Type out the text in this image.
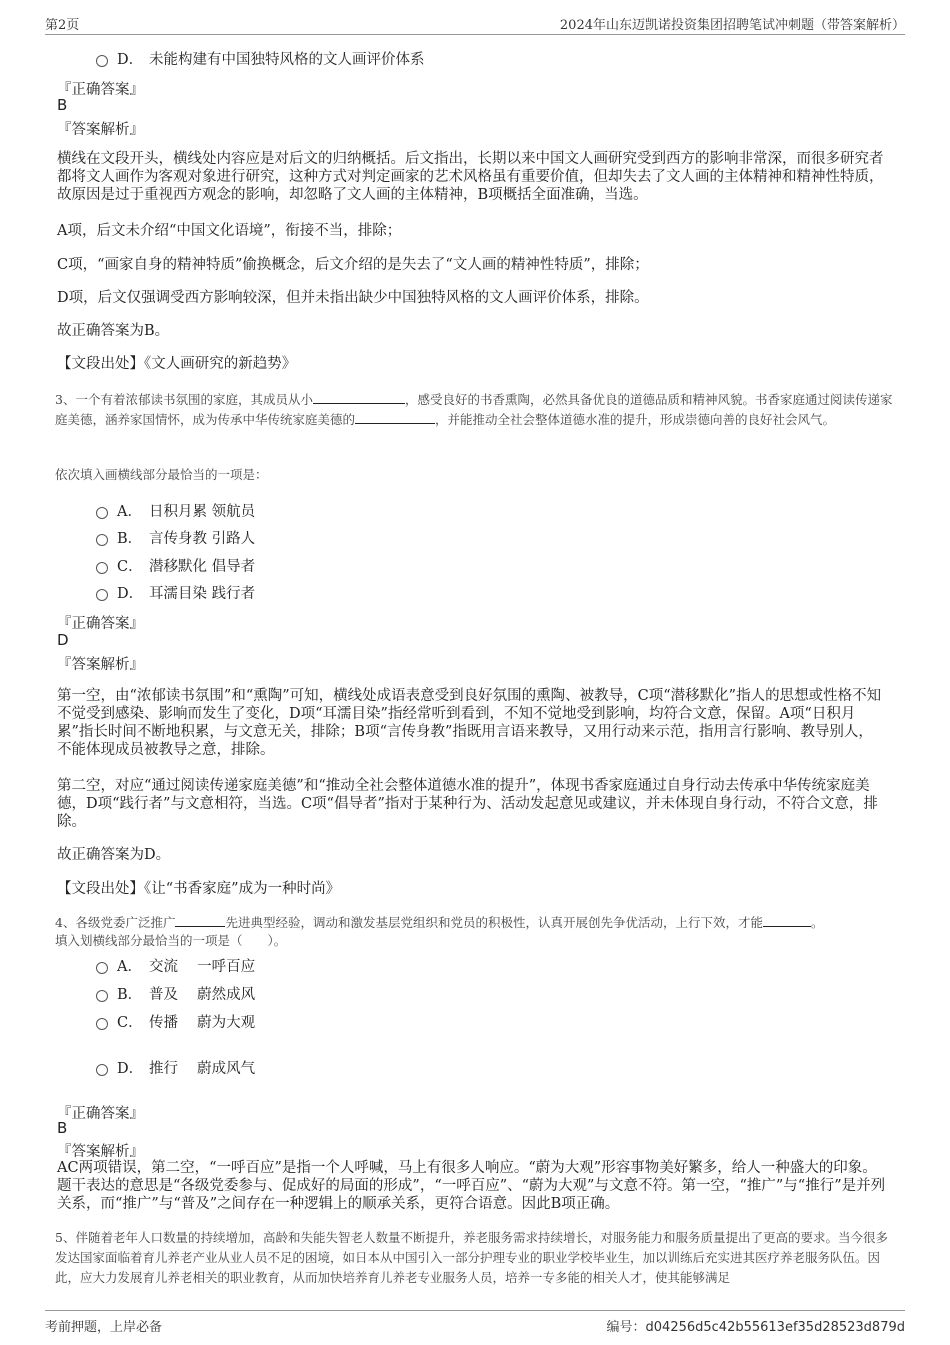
第2页	2024年山东迈凯诺投资集团招聘笔试冲刺题（带答案解析）
D． 未能构建有中国独特风格的文人画评价体系
『正确答案』
B
『答案解析』
横线在文段开头，横线处内容应是对后文的归纳概括。后文指出，长期以来中国文人画研究受到西方的影响非常深，而很多研究者都将文人画作为客观对象进行研究，这种方式对判定画家的艺术风格虽有重要价值，但却失去了文人画的主体精神和精神性特质，故原因是过于重视西方观念的影响，却忽略了文人画的主体精神，B项概括全面准确，当选。
A项，后文未介绍“中国文化语境”，衔接不当，排除；
C项，“画家自身的精神特质”偷换概念，后文介绍的是失去了“文人画的精神性特质”，排除；
D项，后文仅强调受西方影响较深，但并未指出缺少中国独特风格的文人画评价体系，排除。
故正确答案为B。
【文段出处】《文人画研究的新趋势》
3、一个有着浓郁读书氛围的家庭，其成员从小	，感受良好的书香熏陶，必然具备优良的道德品质和精神风貌。书香家庭通过阅读传递家庭美德，涵养家国情怀，成为传承中华传统家庭美德的	，并能推动全社会整体道德水准的提升，形成崇德向善的良好社会风气。
依次填入画横线部分最恰当的一项是：
A． 日积月累 领航员
B． 言传身教 引路人
C． 潜移默化 倡导者
D． 耳濡目染 践行者
『正确答案』
D
『答案解析』
第一空，由“浓郁读书氛围”和“熏陶”可知，横线处成语表意受到良好氛围的熏陶、被教导，C项“潜移默化”指人的思想或性格不知不觉受到感染、影响而发生了变化，D项“耳濡目染”指经常听到看到，不知不觉地受到影响，均符合文意，保留。A项“日积月累”指长时间不断地积累，与文意无关，排除；B项“言传身教”指既用言语来教导，又用行动来示范，指用言行影响、教导别人，不能体现成员被教导之意，排除。
第二空，对应“通过阅读传递家庭美德”和“推动全社会整体道德水准的提升”，体现书香家庭通过自身行动去传承中华传统家庭美德，D项“践行者”与文意相符，当选。C项“倡导者”指对于某种行为、活动发起意见或建议，并未体现自身行动，不符合文意，排除。
故正确答案为D。
【文段出处】《让“书香家庭”成为一种时尚》
4、各级党委广泛推广	先进典型经验，调动和激发基层党组织和党员的积极性，认真开展创先争优活动，上行下效，才能	。
填入划横线部分最恰当的一项是（　　）。
A． 交流　 一呼百应
B． 普及　 蔚然成风
C． 传播　 蔚为大观
D． 推行　 蔚成风气
『正确答案』
B
『答案解析』
AC两项错误，第二空，“一呼百应”是指一个人呼喊，马上有很多人响应。“蔚为大观”形容事物美好繁多，给人一种盛大的印象。题干表达的意思是“各级党委参与、促成好的局面的形成”，“一呼百应”、“蔚为大观”与文意不符。第一空，“推广”与“推行”是并列关系，而“推广”与“普及”之间存在一种逻辑上的顺承关系，更符合语意。因此B项正确。
5、伴随着老年人口数量的持续增加，高龄和失能失智老人数量不断提升，养老服务需求持续增长，对服务能力和服务质量提出了更高的要求。当今很多发达国家面临着育儿养老产业从业人员不足的困境，如日本从中国引入一部分护理专业的职业学校毕业生，加以训练后充实进其医疗养老服务队伍。因此，应大力发展育儿养老相关的职业教育，从而加快培养育儿养老专业服务人员，培养一专多能的相关人才，使其能够满足
考前押题，上岸必备	编号：d04256d5c42b55613ef35d28523d879d
